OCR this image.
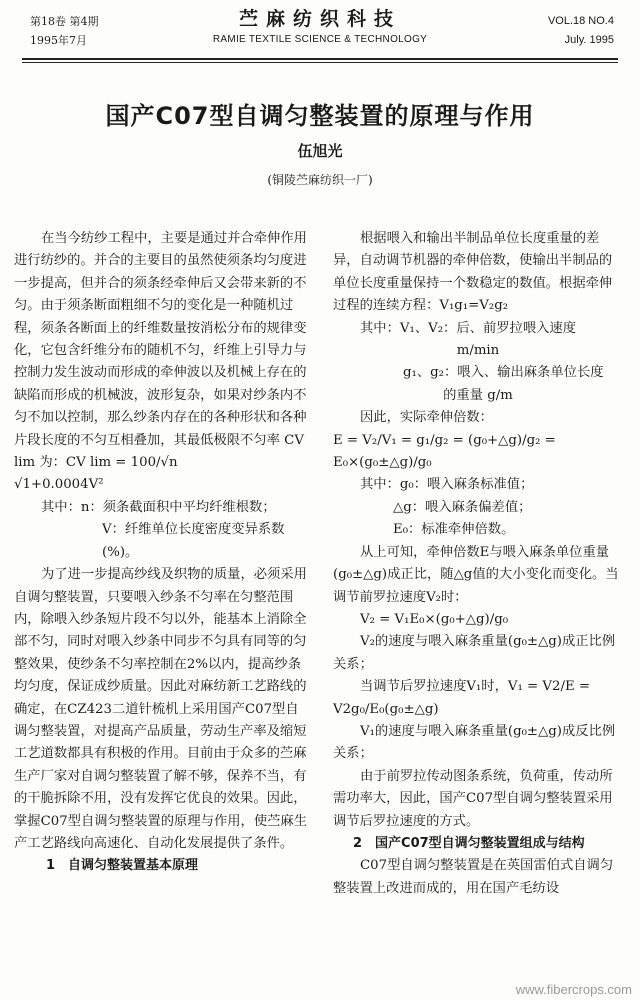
第18卷 第4期
1995年7月
苎麻纺织科技
RAMIE TEXTILE SCIENCE & TECHNOLOGY
VOL.18 NO.4
July. 1995
国产C07型自调匀整装置的原理与作用
伍旭光
(铜陵苎麻纺织一厂)

在当今纺纱工程中，主要是通过并合牵伸作用进行纺纱的。并合的主要目的虽然使须条均匀度进一步提高，但并合的须条经牵伸后又会带来新的不匀。由于须条断面粗细不匀的变化是一种随机过程，须条各断面上的纤维数量按消松分布的规律变化，它包含纤维分布的随机不匀，纤维上引导力与控制力发生波动而形成的牵伸波以及机械上存在的缺陷而形成的机械波，波形复杂，如果对纱条内不匀不加以控制，那么纱条内存在的各种形状和各种片段长度的不匀互相叠加，其最低极限不匀率 CV lim 为：CV lim = 100/√n

√1+0.0004V²

其中：n：须条截面积中平均纤维根数；

V：纤维单位长度密度变异系数(%)。

为了进一步提高纱线及织物的质量，必须采用自调匀整装置，只要喂入纱条不匀率在匀整范围内，除喂入纱条短片段不匀以外，能基本上消除全部不匀，同时对喂入纱条中同步不匀具有同等的匀整效果，使纱条不匀率控制在2%以内，提高纱条均匀度，保证成纱质量。因此对麻纺新工艺路线的确定，在CZ423二道针梳机上采用国产C07型自调匀整装置，对提高产品质量，劳动生产率及缩短工艺道数都具有积极的作用。目前由于众多的苎麻生产厂家对自调匀整装置了解不够，保养不当，有的干脆拆除不用，没有发挥它优良的效果。因此，掌握C07型自调匀整装置的原理与作用，使苎麻生产工艺路线向高速化、自动化发展提供了条件。

1　自调匀整装置基本原理

根据喂入和输出半制品单位长度重量的差异，自动调节机器的牵伸倍数，使输出半制品的单位长度重量保持一个数稳定的数值。根据牵伸过程的连续方程：V₁g₁=V₂g₂

其中：V₁、V₂：后、前罗拉喂入速度

m/min

g₁、g₂：喂入、输出麻条单位长度

的重量 g/m

因此，实际牵伸倍数：

E = V₂/V₁ = g₁/g₂ = (g₀+△g)/g₂ = E₀×(g₀±△g)/g₀

其中：g₀：喂入麻条标准值；

△g：喂入麻条偏差值；

E₀：标准牵伸倍数。

从上可知，牵伸倍数E与喂入麻条单位重量(g₀±△g)成正比，随△g值的大小变化而变化。当调节前罗拉速度V₂时：

V₂ = V₁E₀×(g₀+△g)/g₀

V₂的速度与喂入麻条重量(g₀±△g)成正比例关系；

当调节后罗拉速度V₁时，V₁ = V2/E =

V2g₀/E₀(g₀±△g)

V₁的速度与喂入麻条重量(g₀±△g)成反比例关系；

由于前罗拉传动图条系统，负荷重，传动所需功率大，因此，国产C07型自调匀整装置采用调节后罗拉速度的方式。

2　国产C07型自调匀整装置组成与结构

C07型自调匀整装置是在英国雷伯式自调匀整装置上改进而成的，用在国产毛纺设

www.fibercrops.com
